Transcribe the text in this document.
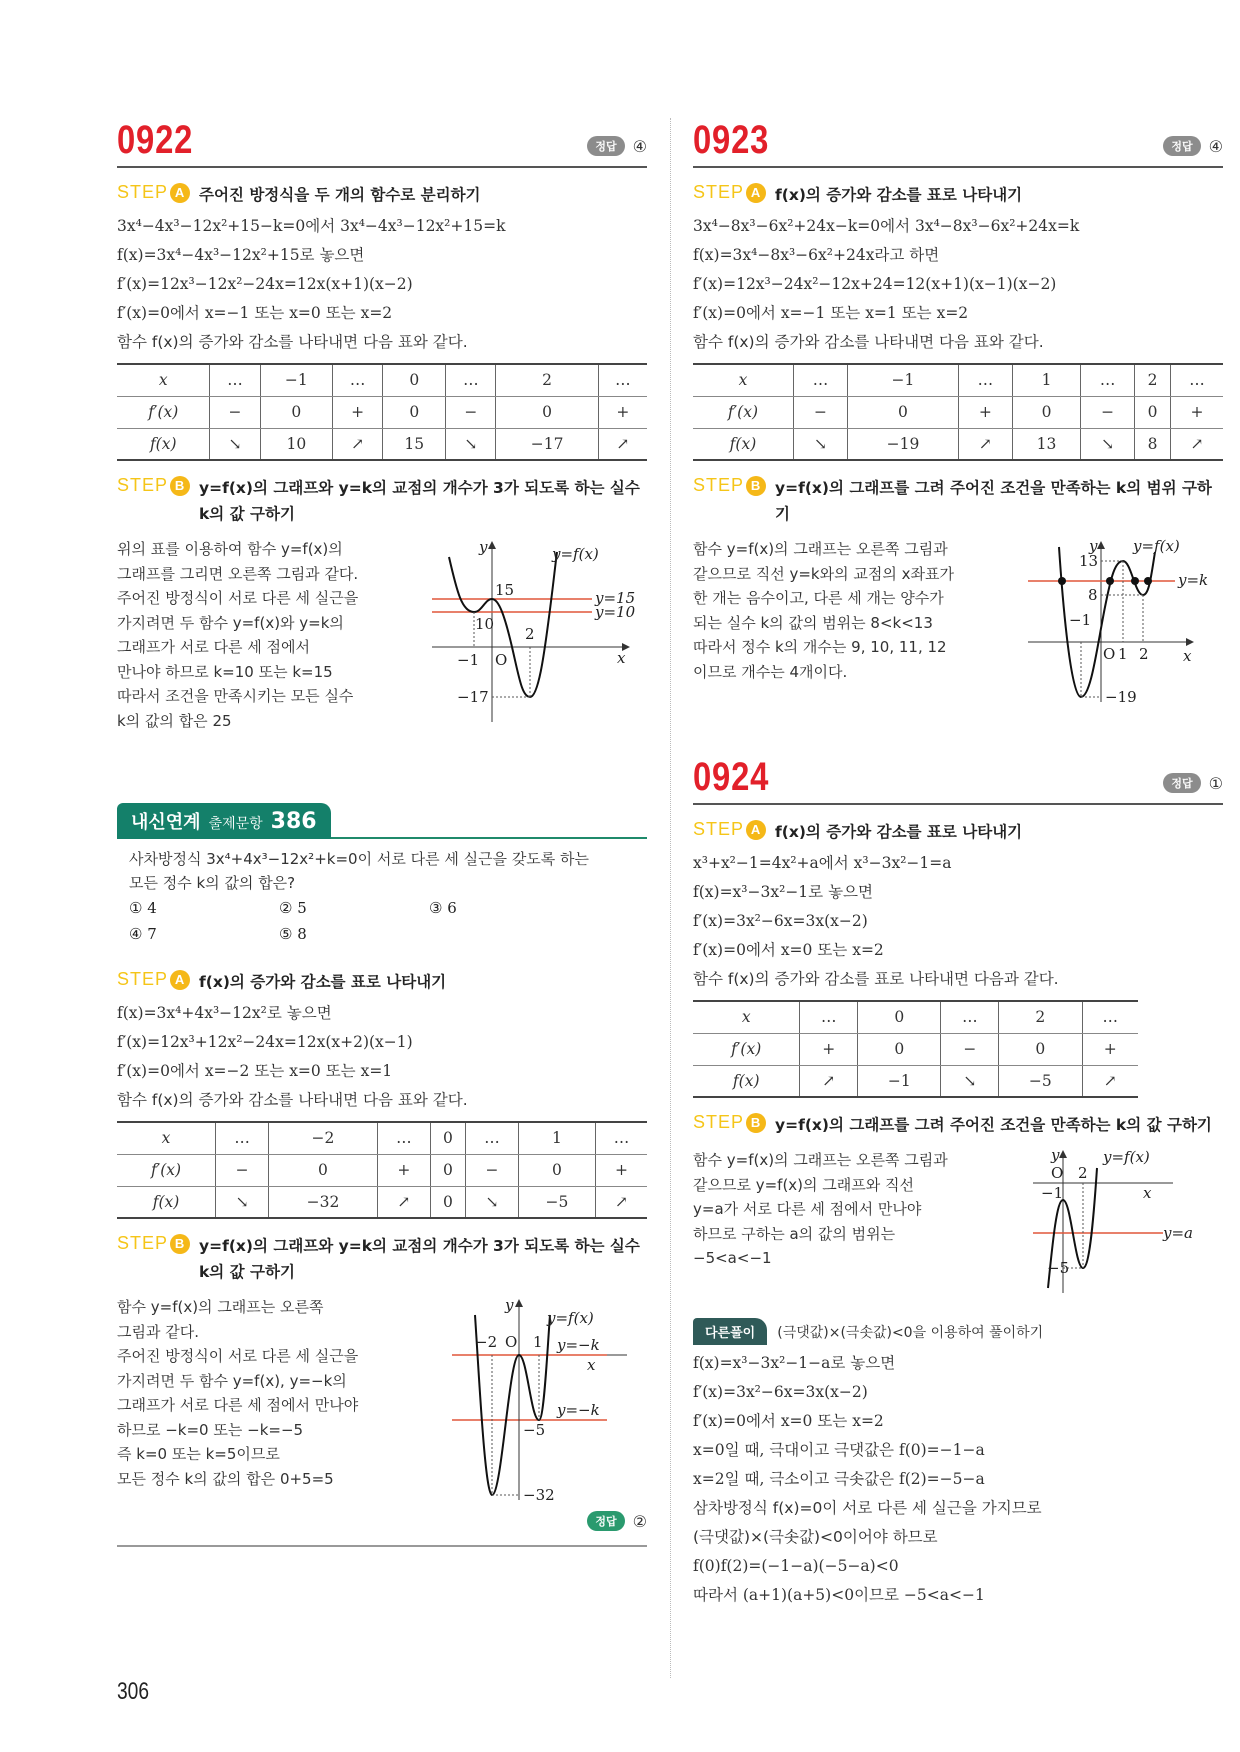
0922	정답	④
STEP A 주어진 방정식을 두 개의 함수로 분리하기
3x⁴−4x³−12x²+15−k=0에서 3x⁴−4x³−12x²+15=k
f(x)=3x⁴−4x³−12x²+15로 놓으면
f′(x)=12x³−12x²−24x=12x(x+1)(x−2)
f′(x)=0에서 x=−1 또는 x=0 또는 x=2
함수 f(x)의 증가와 감소를 나타내면 다음 표와 같다.
x	…	−1	…	0	…	2	…
f′(x)	−	0	+	0	−	0	+
f(x)	↘	10	↗	15	↘	−17	↗
STEP B y=f(x)의 그래프와 y=k의 교점의 개수가 3가 되도록 하는 실수 k의 값 구하기
위의 표를 이용하여 함수 y=f(x)의
그래프를 그리면 오른쪽 그림과 같다.
주어진 방정식이 서로 다른 세 실근을
가지려면 두 함수 y=f(x)와 y=k의
그래프가 서로 다른 세 점에서
만나야 하므로 k=10 또는 k=15
따라서 조건을 만족시키는 모든 실수
k의 값의 합은 25
y	y=f(x)
15
10
2
−1 O
−17
y=15
y=10
x
내신연계 출제문항 386
사차방정식 3x⁴+4x³−12x²+k=0이 서로 다른 세 실근을 갖도록 하는
모든 정수 k의 값의 합은?
① 4	② 5	③ 6
④ 7	⑤ 8
STEP A f(x)의 증가와 감소를 표로 나타내기
f(x)=3x⁴+4x³−12x²로 놓으면
f′(x)=12x³+12x²−24x=12x(x+2)(x−1)
f′(x)=0에서 x=−2 또는 x=0 또는 x=1
함수 f(x)의 증가와 감소를 나타내면 다음 표와 같다.
x	…	−2	…	0	…	1	…
f′(x)	−	0	+	0	−	0	+
f(x)	↘	−32	↗	0	↘	−5	↗
STEP B y=f(x)의 그래프와 y=k의 교점의 개수가 3가 되도록 하는 실수 k의 값 구하기
함수 y=f(x)의 그래프는 오른쪽
그림과 같다.
주어진 방정식이 서로 다른 세 실근을
가지려면 두 함수 y=f(x), y=−k의
그래프가 서로 다른 세 점에서 만나야
하므로 −k=0 또는 −k=−5
즉 k=0 또는 k=5이므로
모든 정수 k의 값의 합은 0+5=5
y
y=f(x)
−2 O 1 y=−k
x
y=−k
−5
−32
정답	②
0923	정답	④
STEP A f(x)의 증가와 감소를 표로 나타내기
3x⁴−8x³−6x²+24x−k=0에서 3x⁴−8x³−6x²+24x=k
f(x)=3x⁴−8x³−6x²+24x라고 하면
f′(x)=12x³−24x²−12x+24=12(x+1)(x−1)(x−2)
f′(x)=0에서 x=−1 또는 x=1 또는 x=2
함수 f(x)의 증가와 감소를 나타내면 다음 표와 같다.
x	…	−1	…	1	…	2	…
f′(x)	−	0	+	0	−	0	+
f(x)	↘	−19	↗	13	↘	8	↗
STEP B y=f(x)의 그래프를 그려 주어진 조건을 만족하는 k의 범위 구하기
함수 y=f(x)의 그래프는 오른쪽 그림과
같으므로 직선 y=k와의 교점의 x좌표가
한 개는 음수이고, 다른 세 개는 양수가
되는 실수 k의 값의 범위는 8<k<13
따라서 정수 k의 개수는 9, 10, 11, 12
이므로 개수는 4개이다.
y y=f(x)
13
8
−1
O 1 2
y=k
x
−19
0924	정답	①
STEP A f(x)의 증가와 감소를 표로 나타내기
x³+x²−1=4x²+a에서 x³−3x²−1=a
f(x)=x³−3x²−1로 놓으면
f′(x)=3x²−6x=3x(x−2)
f′(x)=0에서 x=0 또는 x=2
함수 f(x)의 증가와 감소를 표로 나타내면 다음과 같다.
x	…	0	…	2	…
f′(x)	+	0	−	0	+
f(x)	↗	−1	↘	−5	↗
STEP B y=f(x)의 그래프를 그려 주어진 조건을 만족하는 k의 값 구하기
함수 y=f(x)의 그래프는 오른쪽 그림과
같으므로 y=f(x)의 그래프와 직선
y=a가 서로 다른 세 점에서 만나야
하므로 구하는 a의 값의 범위는
−5<a<−1
y	y=f(x)
O 2
−1
−5
y=a
x
다른풀이	(극댓값)×(극솟값)<0을 이용하여 풀이하기
f(x)=x³−3x²−1−a로 놓으면
f′(x)=3x²−6x=3x(x−2)
f′(x)=0에서 x=0 또는 x=2
x=0일 때, 극대이고 극댓값은 f(0)=−1−a
x=2일 때, 극소이고 극솟값은 f(2)=−5−a
삼차방정식 f(x)=0이 서로 다른 세 실근을 가지므로
(극댓값)×(극솟값)<0이어야 하므로
f(0)f(2)=(−1−a)(−5−a)<0
따라서 (a+1)(a+5)<0이므로 −5<a<−1
306
